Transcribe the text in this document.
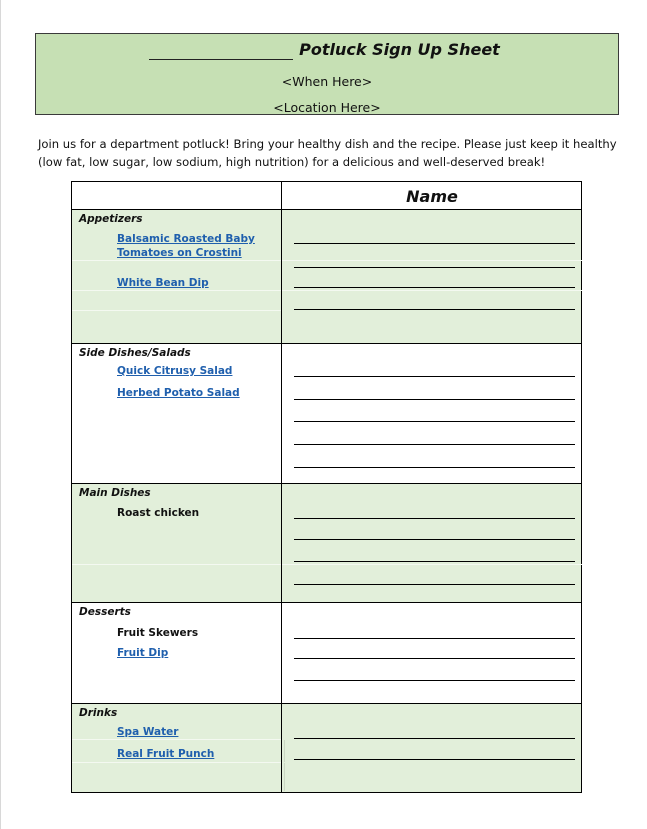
Potluck Sign Up Sheet
<When Here>
<Location Here>
Join us for a department potluck! Bring your healthy dish and the recipe. Please just keep it healthy (low fat, low sugar, low sodium, high nutrition) for a delicious and well-deserved break!
Name
Appetizers
Balsamic Roasted Baby
Tomatoes on Crostini
White Bean Dip
Side Dishes/Salads
Quick Citrusy Salad
Herbed Potato Salad
Main Dishes
Roast chicken
Desserts
Fruit Skewers
Fruit Dip
Drinks
Spa Water
Real Fruit Punch
